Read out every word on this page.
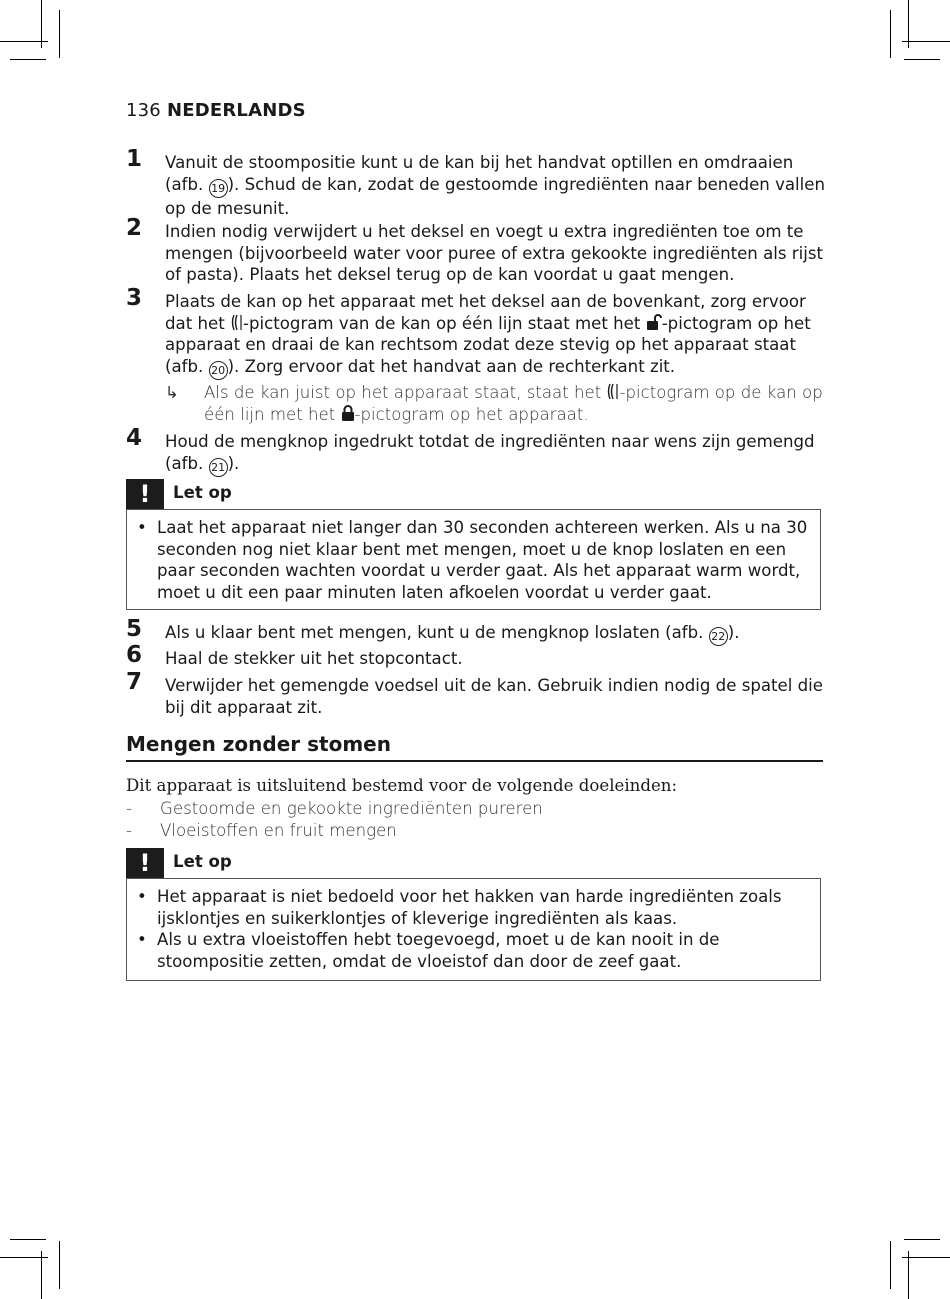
136 NEDERLANDS
1 Vanuit de stoompositie kunt u de kan bij het handvat optillen en omdraaien (afb. 19 ). Schud de kan, zodat de gestoomde ingrediënten naar beneden vallen op de mesunit.
2 Indien nodig verwijdert u het deksel en voegt u extra ingrediënten toe om te mengen (bijvoorbeeld water voor puree of extra gekookte ingrediënten als rijst of pasta). Plaats het deksel terug op de kan voordat u gaat mengen.
3 Plaats de kan op het apparaat met het deksel aan de bovenkant, zorg ervoor dat het -pictogram van de kan op één lijn staat met het -pictogram op het apparaat en draai de kan rechtsom zodat deze stevig op het apparaat staat (afb. 20 ). Zorg ervoor dat het handvat aan de rechterkant zit.
↳ Als de kan juist op het apparaat staat, staat het -pictogram op de kan op één lijn met het -pictogram op het apparaat.
4 Houd de mengknop ingedrukt totdat de ingrediënten naar wens zijn gemengd (afb. 21 ).
!	Let op
• Laat het apparaat niet langer dan 30 seconden achtereen werken. Als u na 30 seconden nog niet klaar bent met mengen, moet u de knop loslaten en een paar seconden wachten voordat u verder gaat. Als het apparaat warm wordt, moet u dit een paar minuten laten afkoelen voordat u verder gaat.
5 Als u klaar bent met mengen, kunt u de mengknop loslaten (afb. 22 ).
6 Haal de stekker uit het stopcontact.
7 Verwijder het gemengde voedsel uit de kan. Gebruik indien nodig de spatel die bij dit apparaat zit.
Mengen zonder stomen
Dit apparaat is uitsluitend bestemd voor de volgende doeleinden:
- Gestoomde en gekookte ingrediënten pureren
- Vloeistoffen en fruit mengen
!	Let op
• Het apparaat is niet bedoeld voor het hakken van harde ingrediënten zoals ijsklontjes en suikerklontjes of kleverige ingrediënten als kaas.
• Als u extra vloeistoffen hebt toegevoegd, moet u de kan nooit in de stoompositie zetten, omdat de vloeistof dan door de zeef gaat.
